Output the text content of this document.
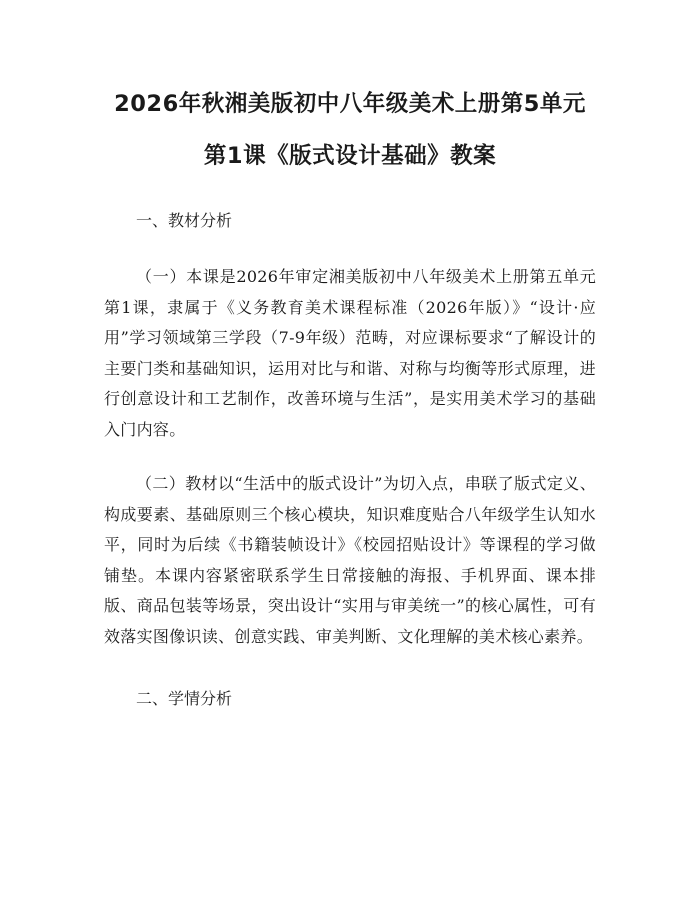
2026年秋湘美版初中八年级美术上册第5单元第1课《版式设计基础》教案

一、教材分析

（一）本课是2026年审定湘美版初中八年级美术上册第五单元第1课，隶属于《义务教育美术课程标准（2026年版）》“设计·应用”学习领域第三学段（7-9年级）范畴，对应课标要求“了解设计的主要门类和基础知识，运用对比与和谐、对称与均衡等形式原理，进行创意设计和工艺制作，改善环境与生活”，是实用美术学习的基础入门内容。

（二）教材以“生活中的版式设计”为切入点，串联了版式定义、构成要素、基础原则三个核心模块，知识难度贴合八年级学生认知水平，同时为后续《书籍装帧设计》《校园招贴设计》等课程的学习做铺垫。本课内容紧密联系学生日常接触的海报、手机界面、课本排版、商品包装等场景，突出设计“实用与审美统一”的核心属性，可有效落实图像识读、创意实践、审美判断、文化理解的美术核心素养。

二、学情分析
